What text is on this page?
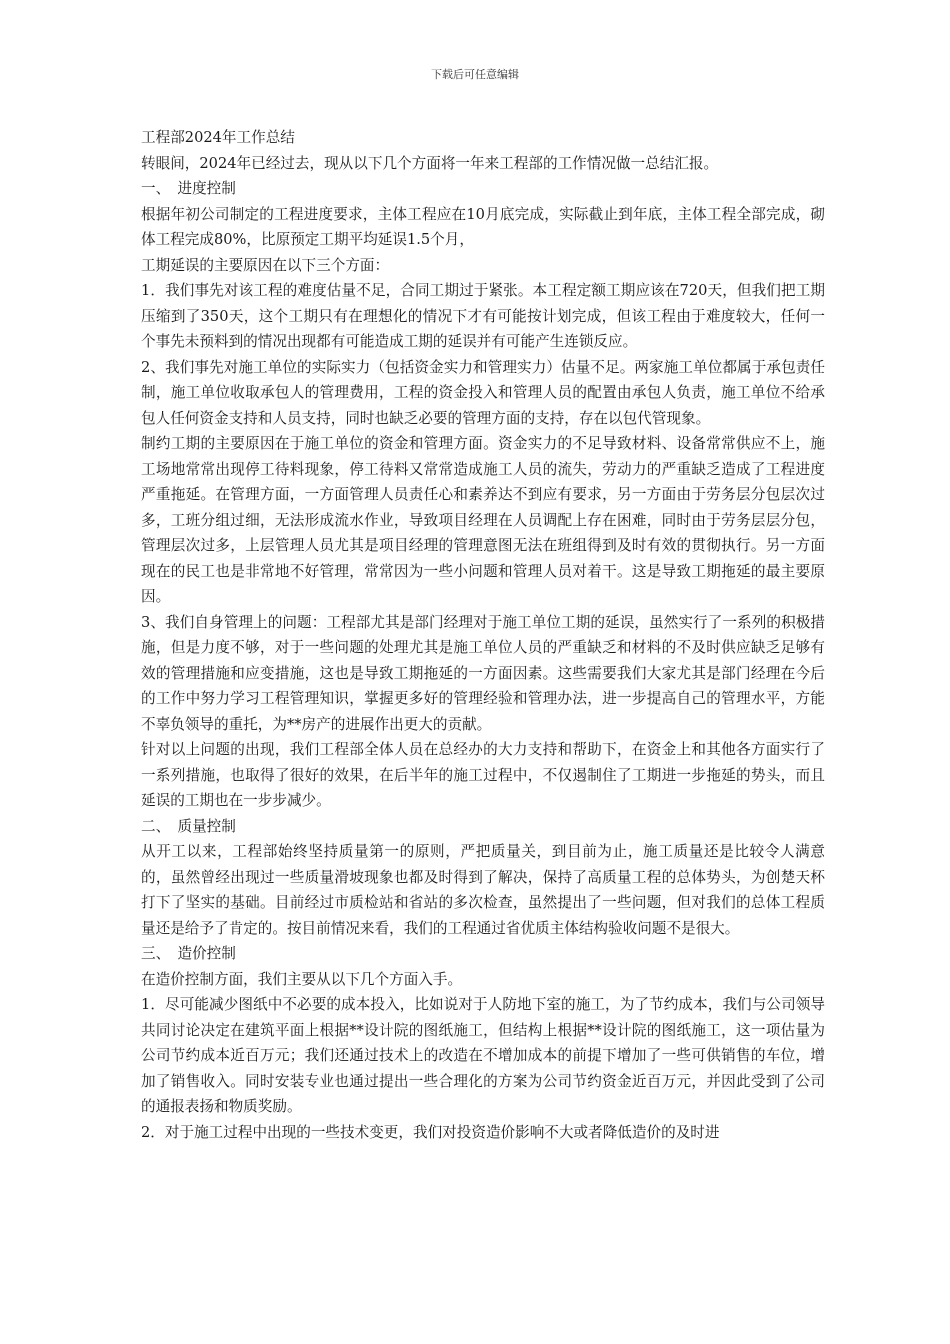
下载后可任意编辑

工程部2024年工作总结

转眼间，2024年已经过去，现从以下几个方面将一年来工程部的工作情况做一总结汇报。

一、　进度控制

根据年初公司制定的工程进度要求，主体工程应在10月底完成，实际截止到年底，主体工程全部完成，砌体工程完成80%，比原预定工期平均延误1.5个月，

工期延误的主要原因在以下三个方面：

1．我们事先对该工程的难度估量不足，合同工期过于紧张。本工程定额工期应该在720天，但我们把工期压缩到了350天，这个工期只有在理想化的情况下才有可能按计划完成，但该工程由于难度较大，任何一个事先未预料到的情况出现都有可能造成工期的延误并有可能产生连锁反应。

2、我们事先对施工单位的实际实力（包括资金实力和管理实力）估量不足。两家施工单位都属于承包责任制，施工单位收取承包人的管理费用，工程的资金投入和管理人员的配置由承包人负责，施工单位不给承包人任何资金支持和人员支持，同时也缺乏必要的管理方面的支持，存在以包代管现象。

制约工期的主要原因在于施工单位的资金和管理方面。资金实力的不足导致材料、设备常常供应不上，施工场地常常出现停工待料现象，停工待料又常常造成施工人员的流失，劳动力的严重缺乏造成了工程进度严重拖延。在管理方面，一方面管理人员责任心和素养达不到应有要求，另一方面由于劳务层分包层次过多，工班分组过细，无法形成流水作业，导致项目经理在人员调配上存在困难，同时由于劳务层层分包，管理层次过多，上层管理人员尤其是项目经理的管理意图无法在班组得到及时有效的贯彻执行。另一方面现在的民工也是非常地不好管理，常常因为一些小问题和管理人员对着干。这是导致工期拖延的最主要原因。

3、我们自身管理上的问题：工程部尤其是部门经理对于施工单位工期的延误，虽然实行了一系列的积极措施，但是力度不够，对于一些问题的处理尤其是施工单位人员的严重缺乏和材料的不及时供应缺乏足够有效的管理措施和应变措施，这也是导致工期拖延的一方面因素。这些需要我们大家尤其是部门经理在今后的工作中努力学习工程管理知识，掌握更多好的管理经验和管理办法，进一步提高自己的管理水平，方能不辜负领导的重托，为**房产的进展作出更大的贡献。

针对以上问题的出现，我们工程部全体人员在总经办的大力支持和帮助下，在资金上和其他各方面实行了一系列措施，也取得了很好的效果，在后半年的施工过程中，不仅遏制住了工期进一步拖延的势头，而且延误的工期也在一步步减少。

二、　质量控制

从开工以来，工程部始终坚持质量第一的原则，严把质量关，到目前为止，施工质量还是比较令人满意的，虽然曾经出现过一些质量滑坡现象也都及时得到了解决，保持了高质量工程的总体势头，为创楚天杯打下了坚实的基础。目前经过市质检站和省站的多次检查，虽然提出了一些问题，但对我们的总体工程质量还是给予了肯定的。按目前情况来看，我们的工程通过省优质主体结构验收问题不是很大。

三、　造价控制

在造价控制方面，我们主要从以下几个方面入手。

1．尽可能减少图纸中不必要的成本投入，比如说对于人防地下室的施工，为了节约成本，我们与公司领导共同讨论决定在建筑平面上根据**设计院的图纸施工，但结构上根据**设计院的图纸施工，这一项估量为公司节约成本近百万元；我们还通过技术上的改造在不增加成本的前提下增加了一些可供销售的车位，增加了销售收入。同时安装专业也通过提出一些合理化的方案为公司节约资金近百万元，并因此受到了公司的通报表扬和物质奖励。

2．对于施工过程中出现的一些技术变更，我们对投资造价影响不大或者降低造价的及时进
